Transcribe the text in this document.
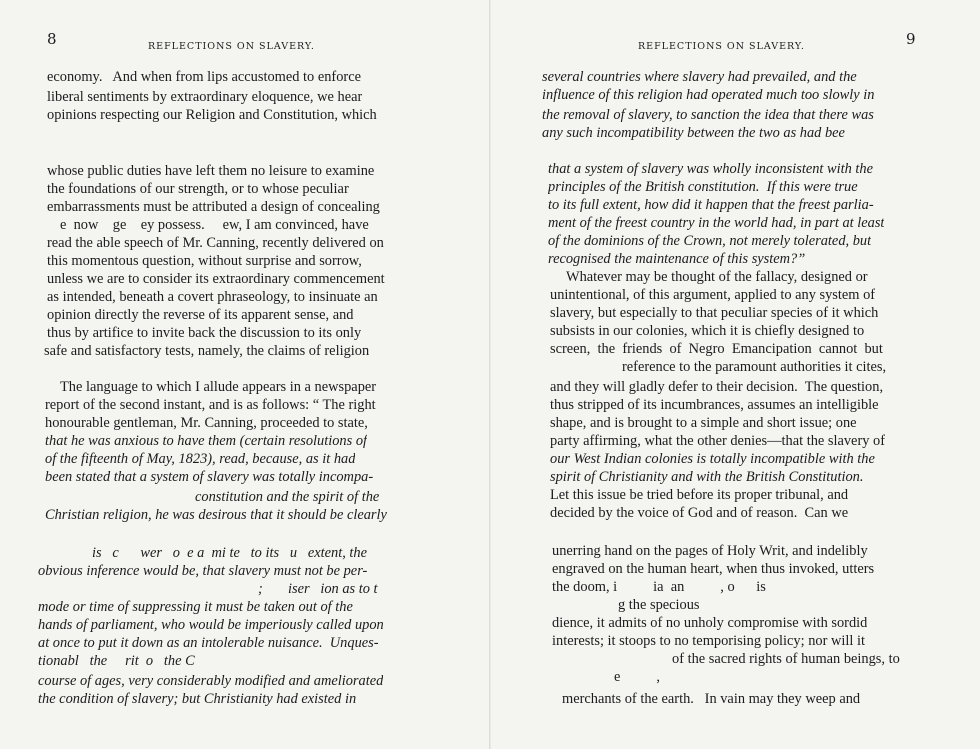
8	REFLECTIONS ON SLAVERY.
economy.   And when from lips accustomed to enforce
liberal sentiments by extraordinary eloquence, we hear
opinions respecting our Religion and Constitution, which
whose public duties have left them no leisure to examine
the foundations of our strength, or to whose peculiar
embarrassments must be attributed a design of concealing
e  now    ge    ey possess.     ew, I am convinced, have
read the able speech of Mr. Canning, recently delivered on
this momentous question, without surprise and sorrow,
unless we are to consider its extraordinary commencement
as intended, beneath a covert phraseology, to insinuate an
opinion directly the reverse of its apparent sense, and
thus by artifice to invite back the discussion to its only
safe and satisfactory tests, namely, the claims of religion
The language to which I allude appears in a newspaper
report of the second instant, and is as follows: “ The right
honourable gentleman, Mr. Canning, proceeded to state,
that he was anxious to have them (certain resolutions of
of the fifteenth of May, 1823), read, because, as it had
been stated that a system of slavery was totally incompa-
constitution and the spirit of the
Christian religion, he was desirous that it should be clearly
is   c      wer   o  e a  mi te   to its   u   extent, the
obvious inference would be, that slavery must not be per-
;       iser   ion as to t
mode or time of suppressing it must be taken out of the
hands of parliament, who would be imperiously called upon
at once to put it down as an intolerable nuisance.  Unques-
tionabl   the     rit  o   the C
course of ages, very considerably modified and ameliorated
the condition of slavery; but Christianity had existed in
REFLECTIONS ON SLAVERY.	9
several countries where slavery had prevailed, and the
influence of this religion had operated much too slowly in
the removal of slavery, to sanction the idea that there was
any such incompatibility between the two as had bee
that a system of slavery was wholly inconsistent with the
principles of the British constitution.  If this were true
to its full extent, how did it happen that the freest parlia-
ment of the freest country in the world had, in part at least
of the dominions of the Crown, not merely tolerated, but
recognised the maintenance of this system?”
Whatever may be thought of the fallacy, designed or
unintentional, of this argument, applied to any system of
slavery, but especially to that peculiar species of it which
subsists in our colonies, which it is chiefly designed to
screen,  the  friends  of  Negro  Emancipation  cannot  but
reference to the paramount authorities it cites,
and they will gladly defer to their decision.  The question,
thus stripped of its incumbrances, assumes an intelligible
shape, and is brought to a simple and short issue; one
party affirming, what the other denies—that the slavery of
our West Indian colonies is totally incompatible with the
spirit of Christianity and with the British Constitution.
Let this issue be tried before its proper tribunal, and
decided by the voice of God and of reason.  Can we
unerring hand on the pages of Holy Writ, and indelibly
engraved on the human heart, when thus invoked, utters
the doom, i          ia  an          , o      is
g the specious
dience, it admits of no unholy compromise with sordid
interests; it stoops to no temporising policy; nor will it
of the sacred rights of human beings, to
e          ,
merchants of the earth.   In vain may they weep and
